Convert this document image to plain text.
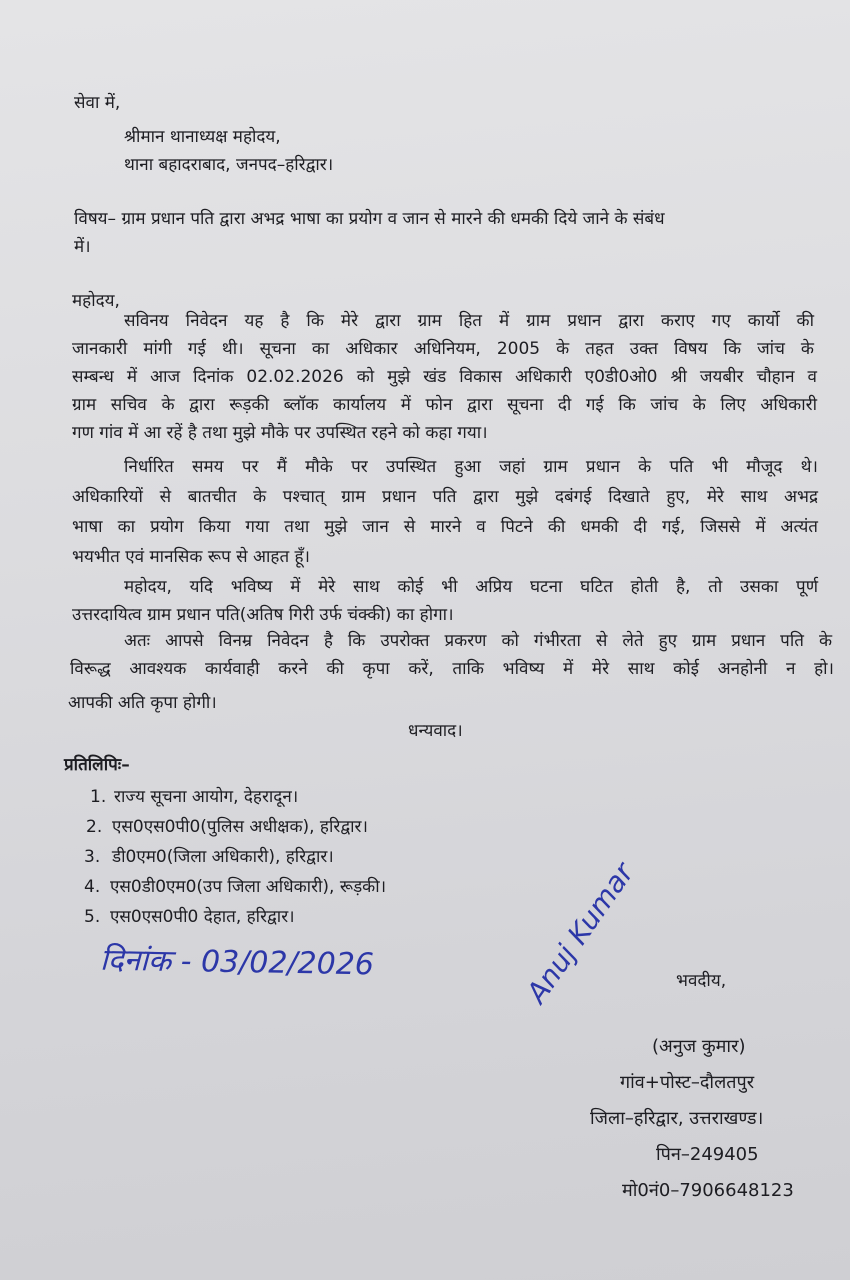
सेवा में,

श्रीमान थानाध्यक्ष महोदय,

थाना बहादराबाद, जनपद–हरिद्वार।

विषय– ग्राम प्रधान पति द्वारा अभद्र भाषा का प्रयोग व जान से मारने की धमकी दिये जाने के संबंध

में।

महोदय,

सविनय निवेदन यह है कि मेरे द्वारा ग्राम हित में ग्राम प्रधान द्वारा कराए गए कार्यो की

जानकारी मांगी गई थी। सूचना का अधिकार अधिनियम, 2005 के तहत उक्त विषय कि जांच के

सम्बन्ध में आज दिनांक 02.02.2026 को मुझे खंड विकास अधिकारी ए0डी0ओ0 श्री जयबीर चौहान व

ग्राम सचिव के द्वारा रूड़की ब्लॉक कार्यालय में फोन द्वारा सूचना दी गई कि जांच के लिए अधिकारी

गण गांव में आ रहें है तथा मुझे मौके पर उपस्थित रहने को कहा गया।

निर्धारित समय पर मैं मौके पर उपस्थित हुआ जहां ग्राम प्रधान के पति भी मौजूद थे।

अधिकारियों से बातचीत के पश्चात् ग्राम प्रधान पति द्वारा मुझे दबंगई दिखाते हुए, मेरे साथ अभद्र

भाषा का प्रयोग किया गया तथा मुझे जान से मारने व पिटने की धमकी दी गई, जिससे में अत्यंत

भयभीत एवं मानसिक रूप से आहत हूँ।

महोदय, यदि भविष्य में मेरे साथ कोई भी अप्रिय घटना घटित होती है, तो उसका पूर्ण

उत्तरदायित्व ग्राम प्रधान पति(अतिष गिरी उर्फ चंक्की) का होगा।

अतः आपसे विनम्र निवेदन है कि उपरोक्त प्रकरण को गंभीरता से लेते हुए ग्राम प्रधान पति के

विरूद्ध आवश्यक कार्यवाही करने की कृपा करें, ताकि भविष्य में मेरे साथ कोई अनहोनी न हो।

आपकी अति कृपा होगी।

धन्यवाद।

प्रतिलिपिः–

1. राज्य सूचना आयोग, देहरादून।

2. एस0एस0पी0(पुलिस अधीक्षक), हरिद्वार।

3. डी0एम0(जिला अधिकारी), हरिद्वार।

4. एस0डी0एम0(उप जिला अधिकारी), रूड़की।

5. एस0एस0पी0 देहात, हरिद्वार।

दिनांक - 03/02/2026	Anuj Kumar भवदीय,

(अनुज कुमार)

गांव+पोस्ट–दौलतपुर

जिला–हरिद्वार, उत्तराखण्ड।

पिन–249405

मो0नं0–7906648123
